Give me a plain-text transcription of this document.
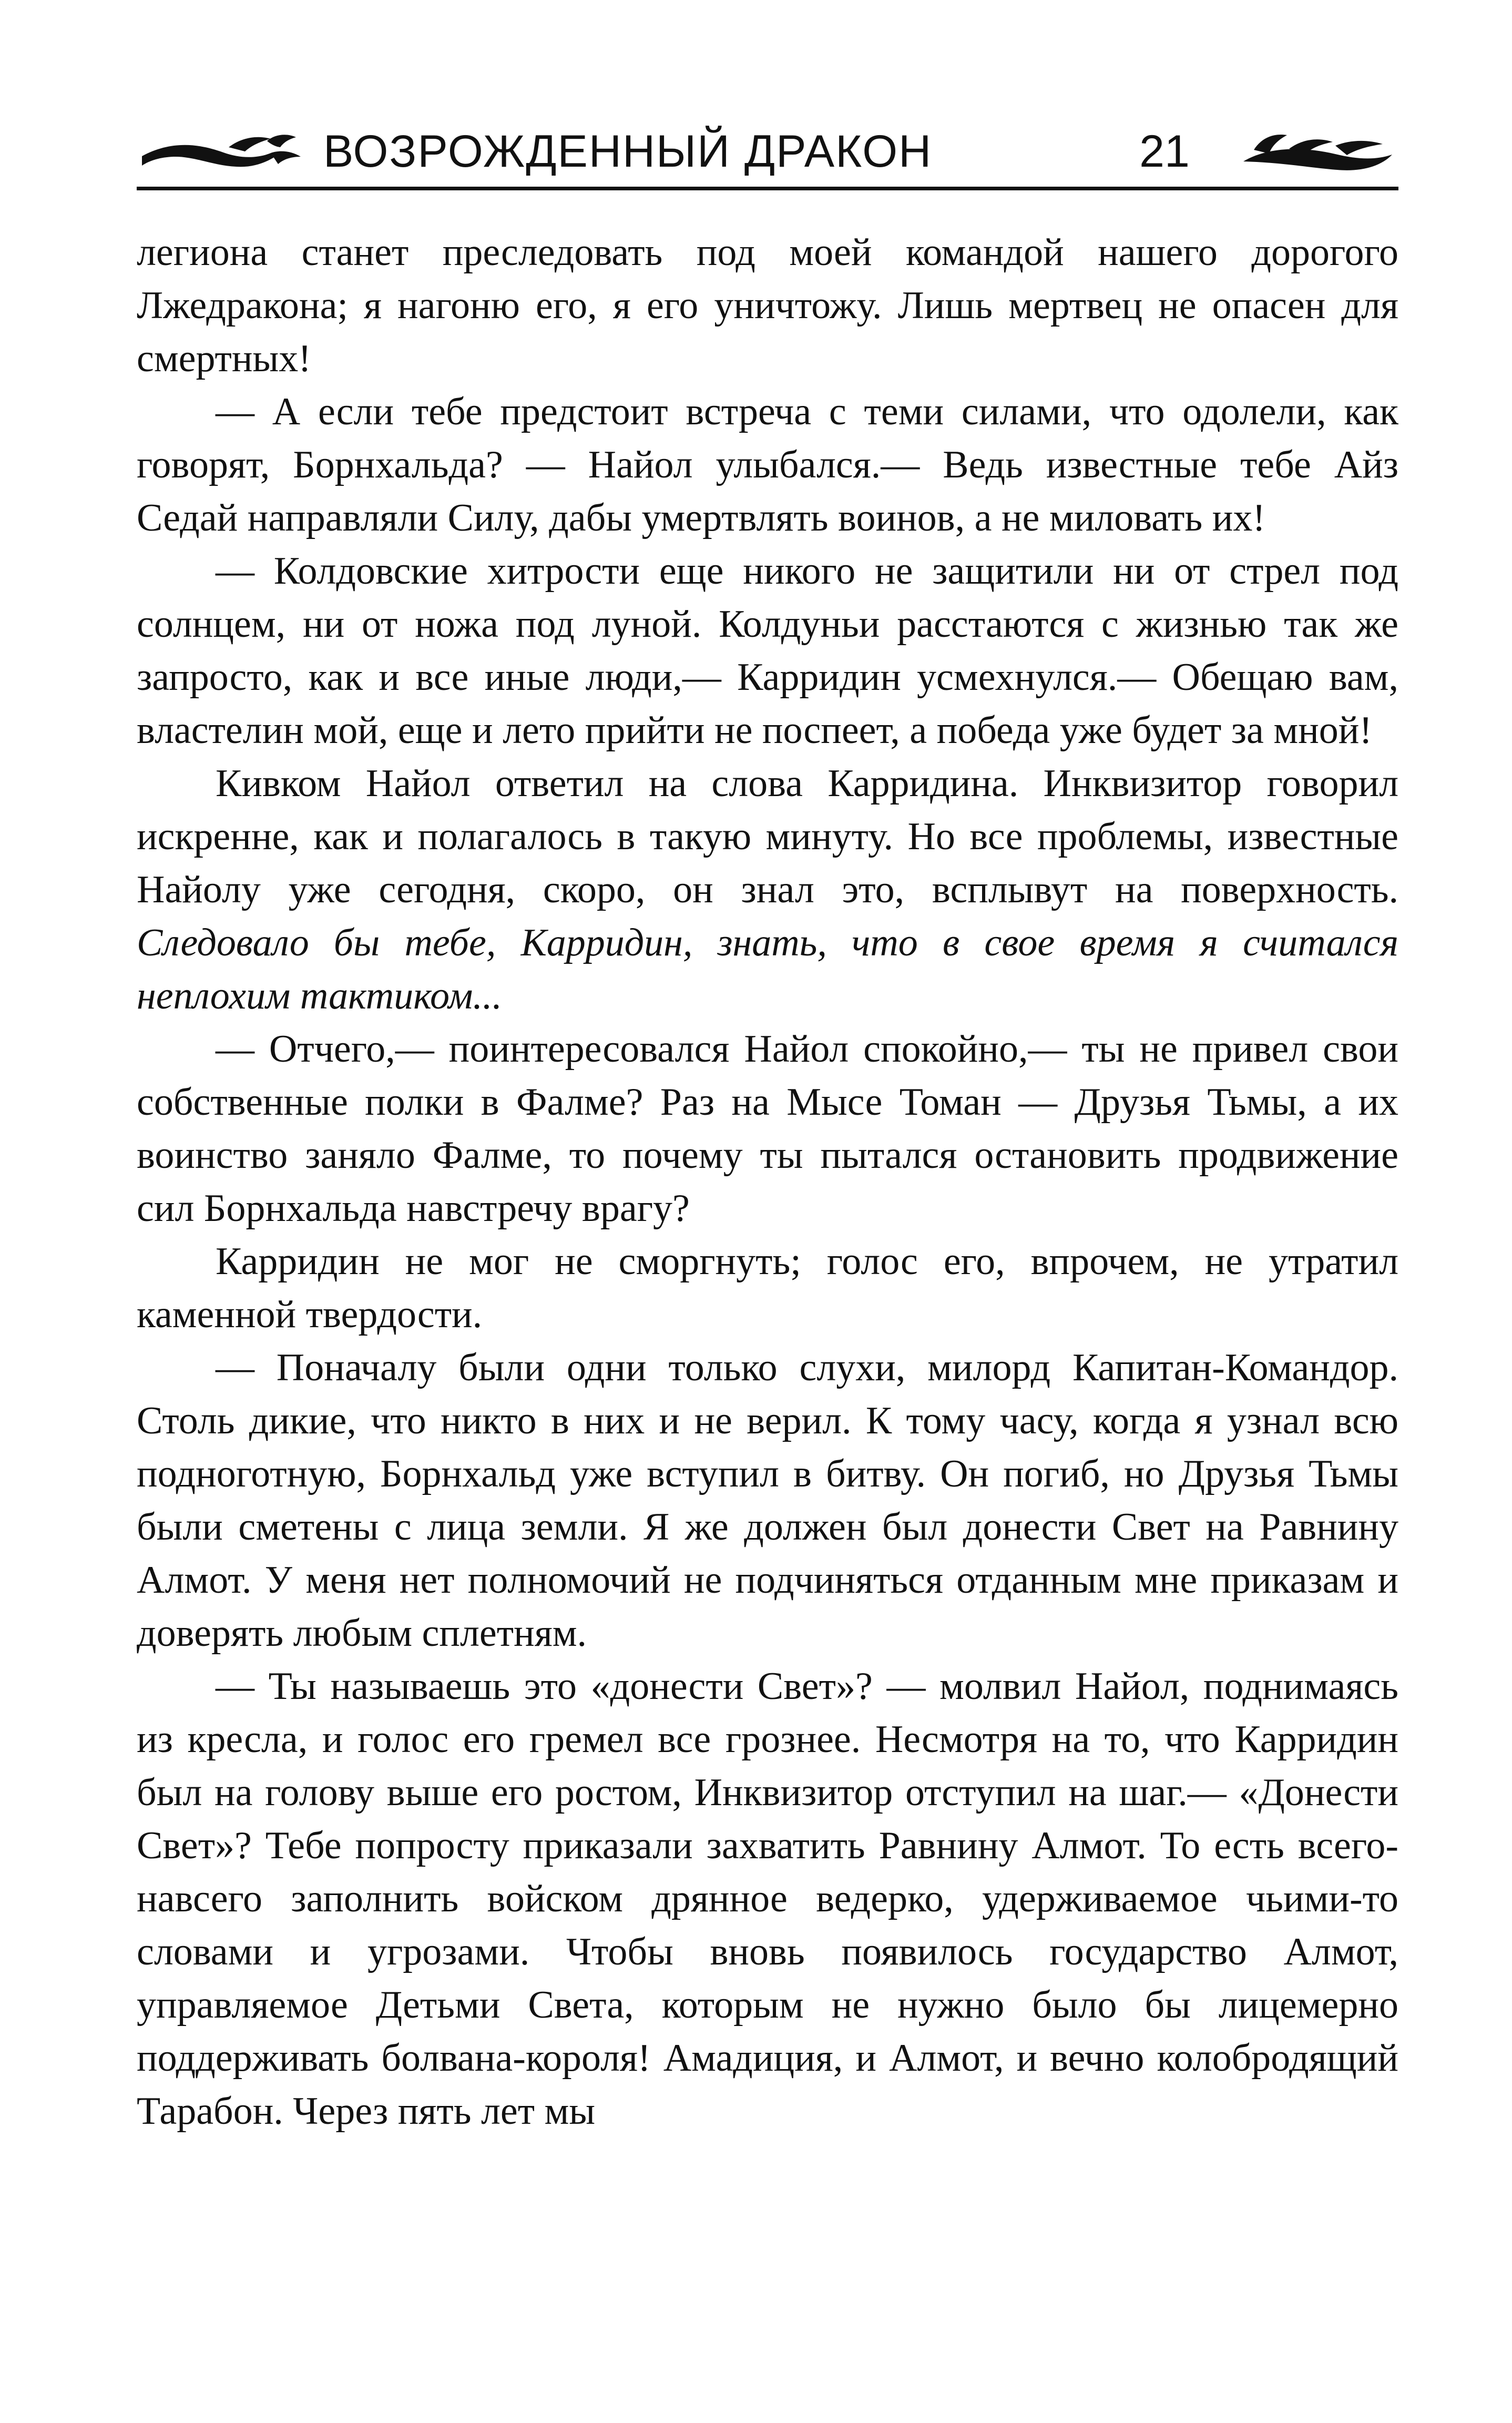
ВОЗРОЖДЕННЫЙ ДРАКОН	21

легиона станет преследовать под моей командой нашего дорогого Лжедракона; я нагоню его, я его уничтожу. Лишь мертвец не опасен для смертных!

— А если тебе предстоит встреча с теми силами, что одолели, как говорят, Борнхальда? — Найол улыбался.— Ведь известные тебе Айз Седай направляли Силу, дабы умертвлять воинов, а не миловать их!

— Колдовские хитрости еще никого не защитили ни от стрел под солнцем, ни от ножа под луной. Колдуньи расстаются с жизнью так же запросто, как и все иные люди,— Карридин усмехнулся.— Обещаю вам, властелин мой, еще и лето прийти не поспеет, а победа уже будет за мной!

Кивком Найол ответил на слова Карридина. Инквизитор говорил искренне, как и полагалось в такую минуту. Но все проблемы, известные Найолу уже сегодня, скоро, он знал это, всплывут на поверхность. Следовало бы тебе, Карридин, знать, что в свое время я считался неплохим тактиком...

— Отчего,— поинтересовался Найол спокойно,— ты не привел свои собственные полки в Фалме? Раз на Мысе Томан — Друзья Тьмы, а их воинство заняло Фалме, то почему ты пытался остановить продвижение сил Борнхальда навстречу врагу?

Карридин не мог не сморгнуть; голос его, впрочем, не утратил каменной твердости.

— Поначалу были одни только слухи, милорд Капитан-Командор. Столь дикие, что никто в них и не верил. К тому часу, когда я узнал всю подноготную, Борнхальд уже вступил в битву. Он погиб, но Друзья Тьмы были сметены с лица земли. Я же должен был донести Свет на Равнину Алмот. У меня нет полномочий не подчиняться отданным мне приказам и доверять любым сплетням.

— Ты называешь это «донести Свет»? — молвил Найол, поднимаясь из кресла, и голос его гремел все грознее. Несмотря на то, что Карридин был на голову выше его ростом, Инквизитор отступил на шаг.— «Донести Свет»? Тебе попросту приказали захватить Равнину Алмот. То есть всего-навсего заполнить войском дрянное ведерко, удерживаемое чьими-то словами и угрозами. Чтобы вновь появилось государство Алмот, управляемое Детьми Света, которым не нужно было бы лицемерно поддерживать болвана-короля! Амадиция, и Алмот, и вечно колобродящий Тарабон. Через пять лет мы
